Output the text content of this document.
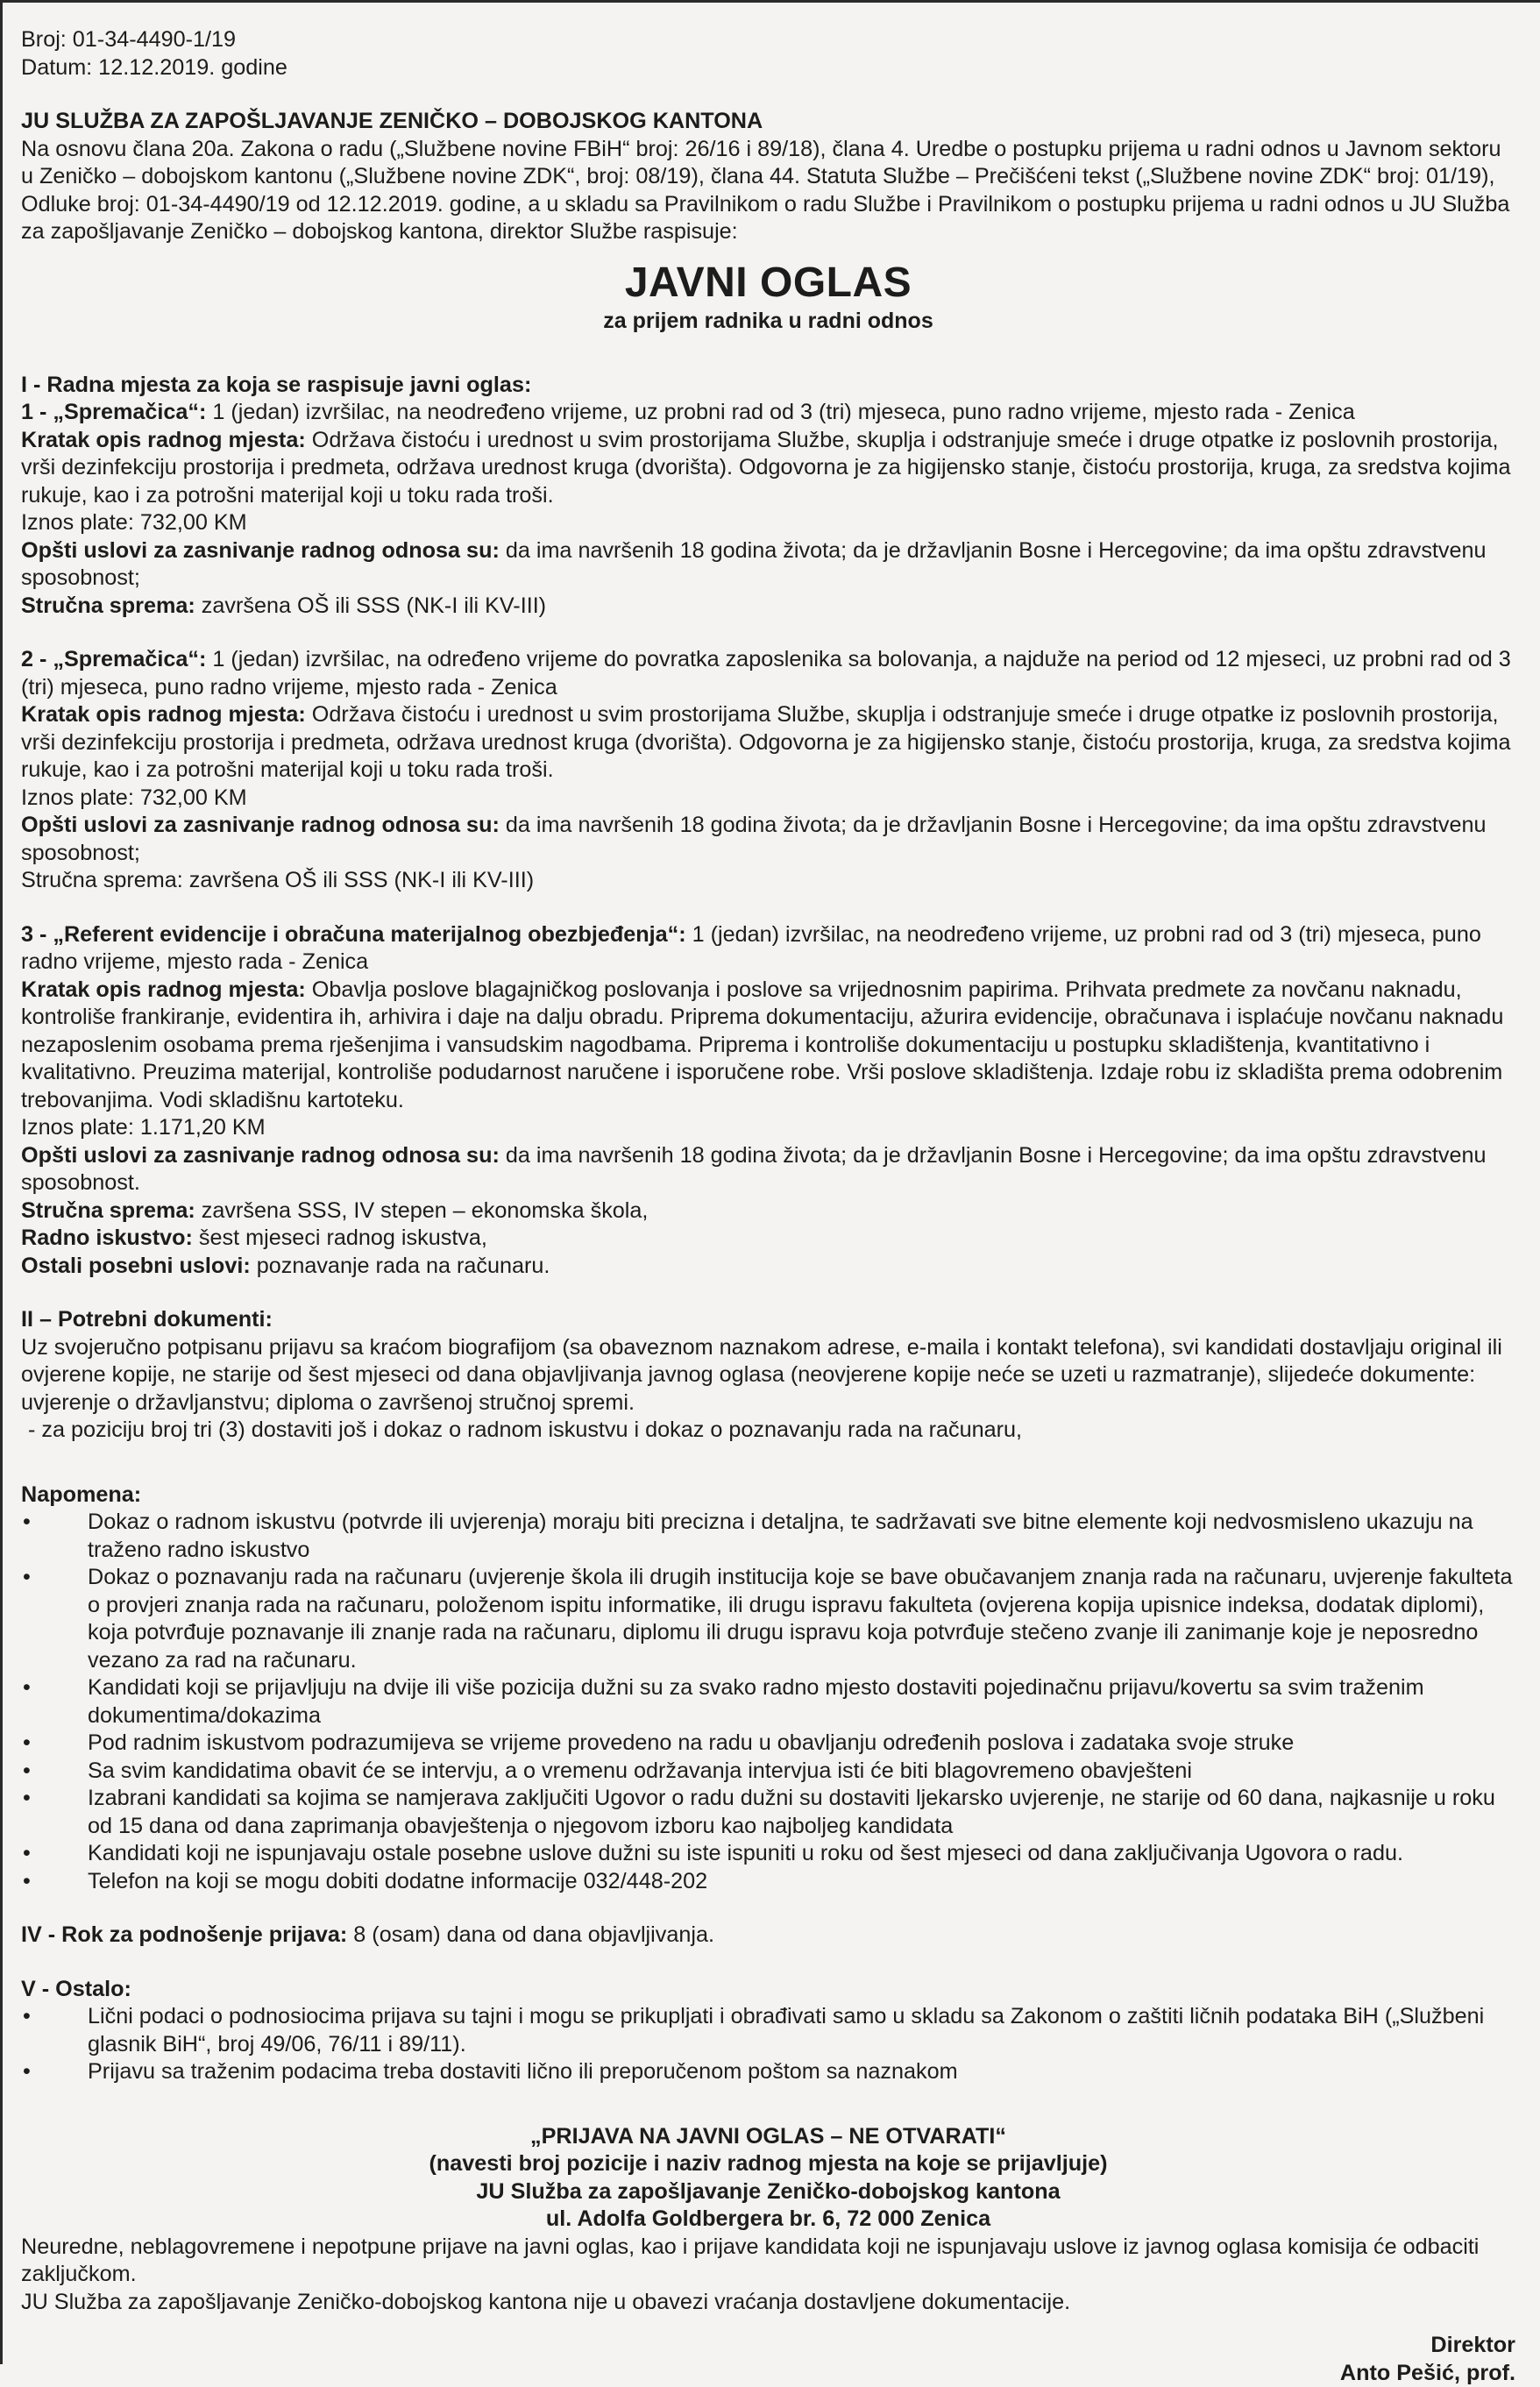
Broj: 01-34-4490-1/19

Datum: 12.12.2019. godine

JU SLUŽBA ZA ZAPOŠLJAVANJE ZENIČKO – DOBOJSKOG KANTONA

Na osnovu člana 20a. Zakona o radu („Službene novine FBiH“ broj: 26/16 i 89/18), člana 4. Uredbe o postupku prijema u radni odnos u Javnom sektoru u Zeničko – dobojskom kantonu („Službene novine ZDK“, broj: 08/19), člana 44. Statuta Službe – Prečišćeni tekst („Službene novine ZDK“ broj: 01/19), Odluke broj: 01-34-4490/19 od 12.12.2019. godine, a u skladu sa Pravilnikom o radu Službe i Pravilnikom o postupku prijema u radni odnos u JU Služba za zapošljavanje Zeničko – dobojskog kantona, direktor Službe raspisuje:

JAVNI OGLAS
za prijem radnika u radni odnos

I - Radna mjesta za koja se raspisuje javni oglas:

1 - „Spremačica“: 1 (jedan) izvršilac, na neodređeno vrijeme, uz probni rad od 3 (tri) mjeseca, puno radno vrijeme, mjesto rada - Zenica

Kratak opis radnog mjesta: Održava čistoću i urednost u svim prostorijama Službe, skuplja i odstranjuje smeće i druge otpatke iz poslovnih prostorija, vrši dezinfekciju prostorija i predmeta, održava urednost kruga (dvorišta). Odgovorna je za higijensko stanje, čistoću prostorija, kruga, za sredstva kojima rukuje, kao i za potrošni materijal koji u toku rada troši.

Iznos plate: 732,00 KM

Opšti uslovi za zasnivanje radnog odnosa su: da ima navršenih 18 godina života; da je državljanin Bosne i Hercegovine; da ima opštu zdravstvenu sposobnost;

Stručna sprema: završena OŠ ili SSS (NK-I ili KV-III)

2 - „Spremačica“: 1 (jedan) izvršilac, na određeno vrijeme do povratka zaposlenika sa bolovanja, a najduže na period od 12 mjeseci, uz probni rad od 3 (tri) mjeseca, puno radno vrijeme, mjesto rada - Zenica

Kratak opis radnog mjesta: Održava čistoću i urednost u svim prostorijama Službe, skuplja i odstranjuje smeće i druge otpatke iz poslovnih prostorija, vrši dezinfekciju prostorija i predmeta, održava urednost kruga (dvorišta). Odgovorna je za higijensko stanje, čistoću prostorija, kruga, za sredstva kojima rukuje, kao i za potrošni materijal koji u toku rada troši.

Iznos plate: 732,00 KM

Opšti uslovi za zasnivanje radnog odnosa su: da ima navršenih 18 godina života; da je državljanin Bosne i Hercegovine; da ima opštu zdravstvenu sposobnost;

Stručna sprema: završena OŠ ili SSS (NK-I ili KV-III)

3 - „Referent evidencije i obračuna materijalnog obezbjeđenja“: 1 (jedan) izvršilac, na neodređeno vrijeme, uz probni rad od 3 (tri) mjeseca, puno radno vrijeme, mjesto rada - Zenica

Kratak opis radnog mjesta: Obavlja poslove blagajničkog poslovanja i poslove sa vrijednosnim papirima. Prihvata predmete za novčanu naknadu, kontroliše frankiranje, evidentira ih, arhivira i daje na dalju obradu. Priprema dokumentaciju, ažurira evidencije, obračunava i isplaćuje novčanu naknadu nezaposlenim osobama prema rješenjima i vansudskim nagodbama. Priprema i kontroliše dokumentaciju u postupku skladištenja, kvantitativno i kvalitativno. Preuzima materijal, kontroliše podudarnost naručene i isporučene robe. Vrši poslove skladištenja. Izdaje robu iz skladišta prema odobrenim trebovanjima. Vodi skladišnu kartoteku.

Iznos plate: 1.171,20 KM

Opšti uslovi za zasnivanje radnog odnosa su: da ima navršenih 18 godina života; da je državljanin Bosne i Hercegovine; da ima opštu zdravstvenu sposobnost.

Stručna sprema: završena SSS, IV stepen – ekonomska škola,

Radno iskustvo: šest mjeseci radnog iskustva,

Ostali posebni uslovi: poznavanje rada na računaru.

II – Potrebni dokumenti:

Uz svojeručno potpisanu prijavu sa kraćom biografijom (sa obaveznom naznakom adrese, e-maila i kontakt telefona), svi kandidati dostavljaju original ili ovjerene kopije, ne starije od šest mjeseci od dana objavljivanja javnog oglasa (neovjerene kopije neće se uzeti u razmatranje), slijedeće dokumente: uvjerenje o državljanstvu; diploma o završenoj stručnoj spremi.

- za poziciju broj tri (3) dostaviti još i dokaz o radnom iskustvu i dokaz o poznavanju rada na računaru,

Napomena:

•	Dokaz o radnom iskustvu (potvrde ili uvjerenja) moraju biti precizna i detaljna, te sadržavati sve bitne elemente koji nedvosmisleno ukazuju na traženo radno iskustvo
•	Dokaz o poznavanju rada na računaru (uvjerenje škola ili drugih institucija koje se bave obučavanjem znanja rada na računaru, uvjerenje fakulteta o provjeri znanja rada na računaru, položenom ispitu informatike, ili drugu ispravu fakulteta (ovjerena kopija upisnice indeksa, dodatak diplomi), koja potvrđuje poznavanje ili znanje rada na računaru, diplomu ili drugu ispravu koja potvrđuje stečeno zvanje ili zanimanje koje je neposredno vezano za rad na računaru.
•	Kandidati koji se prijavljuju na dvije ili više pozicija dužni su za svako radno mjesto dostaviti pojedinačnu prijavu/kovertu sa svim traženim dokumentima/dokazima
•	Pod radnim iskustvom podrazumijeva se vrijeme provedeno na radu u obavljanju određenih poslova i zadataka svoje struke
•	Sa svim kandidatima obavit će se intervju, a o vremenu održavanja intervjua isti će biti blagovremeno obavješteni
•	Izabrani kandidati sa kojima se namjerava zaključiti Ugovor o radu dužni su dostaviti ljekarsko uvjerenje, ne starije od 60 dana, najkasnije u roku od 15 dana od dana zaprimanja obavještenja o njegovom izboru kao najboljeg kandidata
•	Kandidati koji ne ispunjavaju ostale posebne uslove dužni su iste ispuniti u roku od šest mjeseci od dana zaključivanja Ugovora o radu.
•	Telefon na koji se mogu dobiti dodatne informacije 032/448-202

IV - Rok za podnošenje prijava: 8 (osam) dana od dana objavljivanja.

V - Ostalo:

•	Lični podaci o podnosiocima prijava su tajni i mogu se prikupljati i obrađivati samo u skladu sa Zakonom o zaštiti ličnih podataka BiH („Službeni glasnik BiH“, broj 49/06, 76/11 i 89/11).
•	Prijavu sa traženim podacima treba dostaviti lično ili preporučenom poštom sa naznakom

„PRIJAVA NA JAVNI OGLAS – NE OTVARATI“

(navesti broj pozicije i naziv radnog mjesta na koje se prijavljuje)

JU Služba za zapošljavanje Zeničko-dobojskog kantona

ul. Adolfa Goldbergera br. 6, 72 000 Zenica

Neuredne, neblagovremene i nepotpune prijave na javni oglas, kao i prijave kandidata koji ne ispunjavaju uslove iz javnog oglasa komisija će odbaciti zaključkom.

JU Služba za zapošljavanje Zeničko-dobojskog kantona nije u obavezi vraćanja dostavljene dokumentacije.

Direktor

Anto Pešić, prof.
